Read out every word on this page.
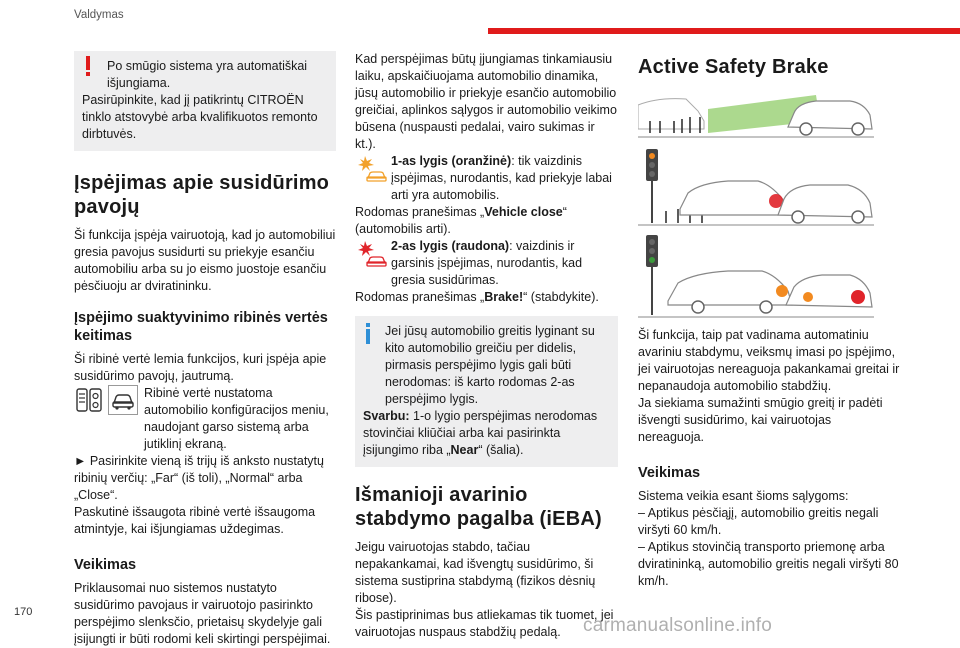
Valdymas

Po smūgio sistema yra automatiškai išjungiama.

Pasirūpinkite, kad jį patikrintų CITROËN tinklo atstovybė arba kvalifikuotos remonto dirbtuvės.

Įspėjimas apie susidūrimo pavojų

Ši funkcija įspėja vairuotoją, kad jo automobiliui gresia pavojus susidurti su priekyje esančiu automobiliu arba su jo eismo juostoje esančiu pėsčiuoju ar dviratininku.

Įspėjimo suaktyvinimo ribinės vertės keitimas

Ši ribinė vertė lemia funkcijos, kuri įspėja apie susidūrimo pavojų, jautrumą.

Ribinė vertė nustatoma automobilio konfigūracijos meniu, naudojant garso sistemą arba jutiklinį ekraną.

► Pasirinkite vieną iš trijų iš anksto nustatytų ribinių verčių: „Far“ (iš toli), „Normal“ arba „Close“.

Paskutinė išsaugota ribinė vertė išsaugoma atmintyje, kai išjungiamas uždegimas.

Veikimas

Priklausomai nuo sistemos nustatyto susidūrimo pavojaus ir vairuotojo pasirinkto perspėjimo slenksčio, prietaisų skydelyje gali įsijungti ir būti rodomi keli skirtingi perspėjimai.

Kad perspėjimas būtų įjungiamas tinkamiausiu laiku, apskaičiuojama automobilio dinamika, jūsų automobilio ir priekyje esančio automobilio greičiai, aplinkos sąlygos ir automobilio veikimo būsena (nuspausti pedalai, vairo sukimas ir kt.).

1-as lygis (oranžinė): tik vaizdinis įspėjimas, nurodantis, kad priekyje labai arti yra automobilis.

Rodomas pranešimas „Vehicle close“ (automobilis arti).

2-as lygis (raudona): vaizdinis ir garsinis įspėjimas, nurodantis, kad gresia susidūrimas.

Rodomas pranešimas „Brake!“ (stabdykite).

Jei jūsų automobilio greitis lyginant su kito automobilio greičiu per didelis, pirmasis perspėjimo lygis gali būti nerodomas: iš karto rodomas 2-as perspėjimo lygis.

Svarbu: 1-o lygio perspėjimas nerodomas stovinčiai kliūčiai arba kai pasirinkta įsijungimo riba „Near“ (šalia).

Išmanioji avarinio stabdymo pagalba (iEBA)

Jeigu vairuotojas stabdo, tačiau nepakankamai, kad išvengtų susidūrimo, ši sistema sustiprina stabdymą (fizikos dėsnių ribose).

Šis pastiprinimas bus atliekamas tik tuomet, jei vairuotojas nuspaus stabdžių pedalą.

Active Safety Brake

Ši funkcija, taip pat vadinama automatiniu avariniu stabdymu, veiksmų imasi po įspėjimo, jei vairuotojas nereaguoja pakankamai greitai ir nepanaudoja automobilio stabdžių.

Ja siekiama sumažinti smūgio greitį ir padėti išvengti susidūrimo, kai vairuotojas nereaguoja.

Veikimas

Sistema veikia esant šioms sąlygoms:

– Aptikus pėsčiąjį, automobilio greitis negali viršyti 60 km/h.

– Aptikus stovinčią transporto priemonę arba dviratininką, automobilio greitis negali viršyti 80 km/h.

170
carmanualsonline.info
